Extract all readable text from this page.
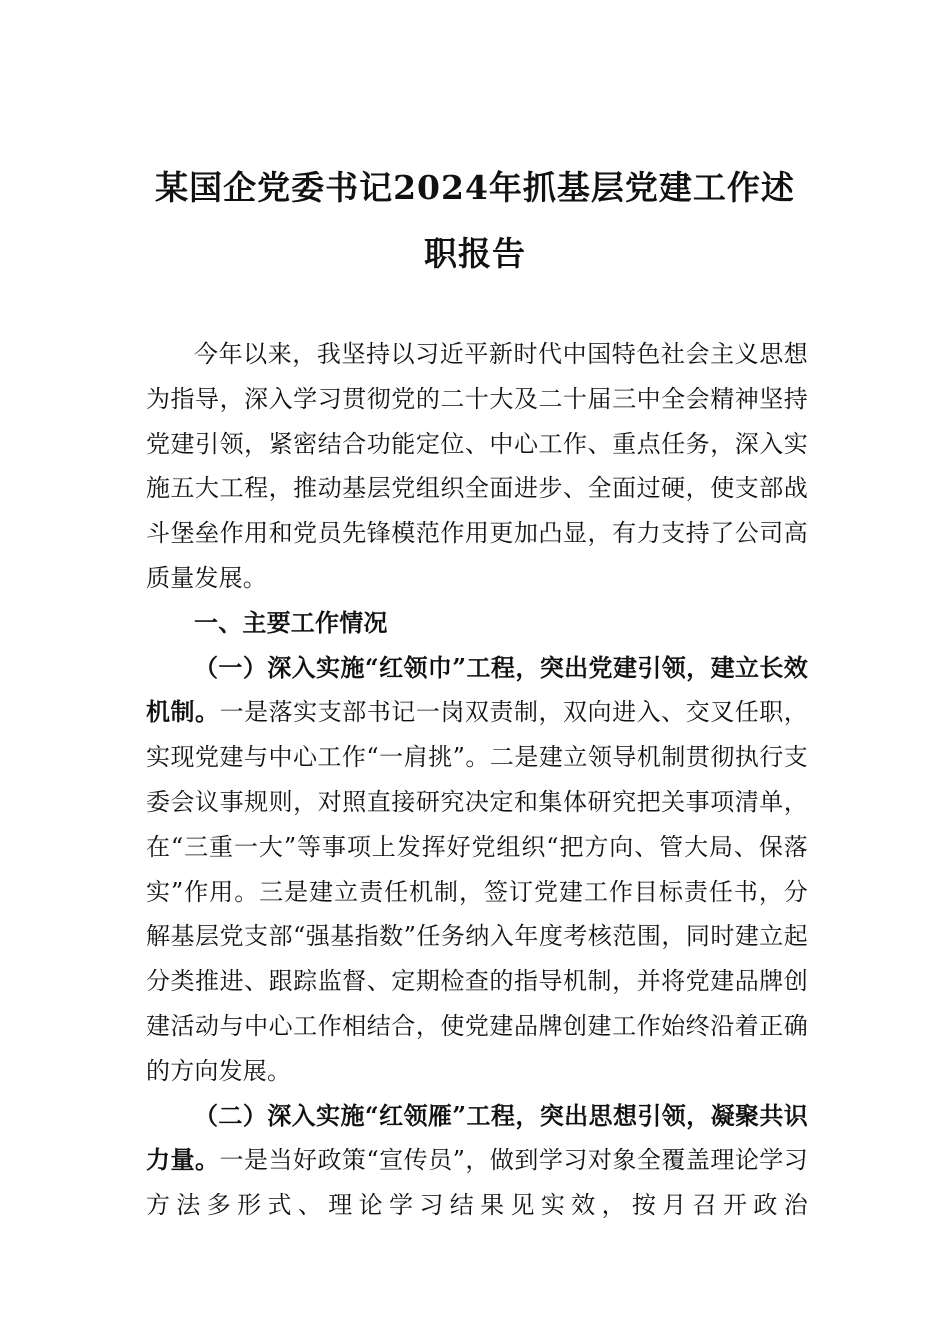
某国企党委书记2024年抓基层党建工作述
职报告

今年以来，我坚持以习近平新时代中国特色社会主义思想为指导，深入学习贯彻党的二十大及二十届三中全会精神坚持党建引领，紧密结合功能定位、中心工作、重点任务，深入实施五大工程，推动基层党组织全面进步、全面过硬，使支部战斗堡垒作用和党员先锋模范作用更加凸显，有力支持了公司高质量发展。

一、主要工作情况

（一）深入实施“红领巾”工程，突出党建引领，建立长效机制。一是落实支部书记一岗双责制，双向进入、交叉任职，实现党建与中心工作“一肩挑”。二是建立领导机制贯彻执行支委会议事规则，对照直接研究决定和集体研究把关事项清单，在“三重一大”等事项上发挥好党组织“把方向、管大局、保落实”作用。三是建立责任机制，签订党建工作目标责任书，分解基层党支部“强基指数”任务纳入年度考核范围，同时建立起分类推进、跟踪监督、定期检查的指导机制，并将党建品牌创建活动与中心工作相结合，使党建品牌创建工作始终沿着正确的方向发展。

（二）深入实施“红领雁”工程，突出思想引领，凝聚共识力量。一是当好政策“宣传员”，做到学习对象全覆盖理论学习方法多形式、理论学习结果见实效，按月召开政治
